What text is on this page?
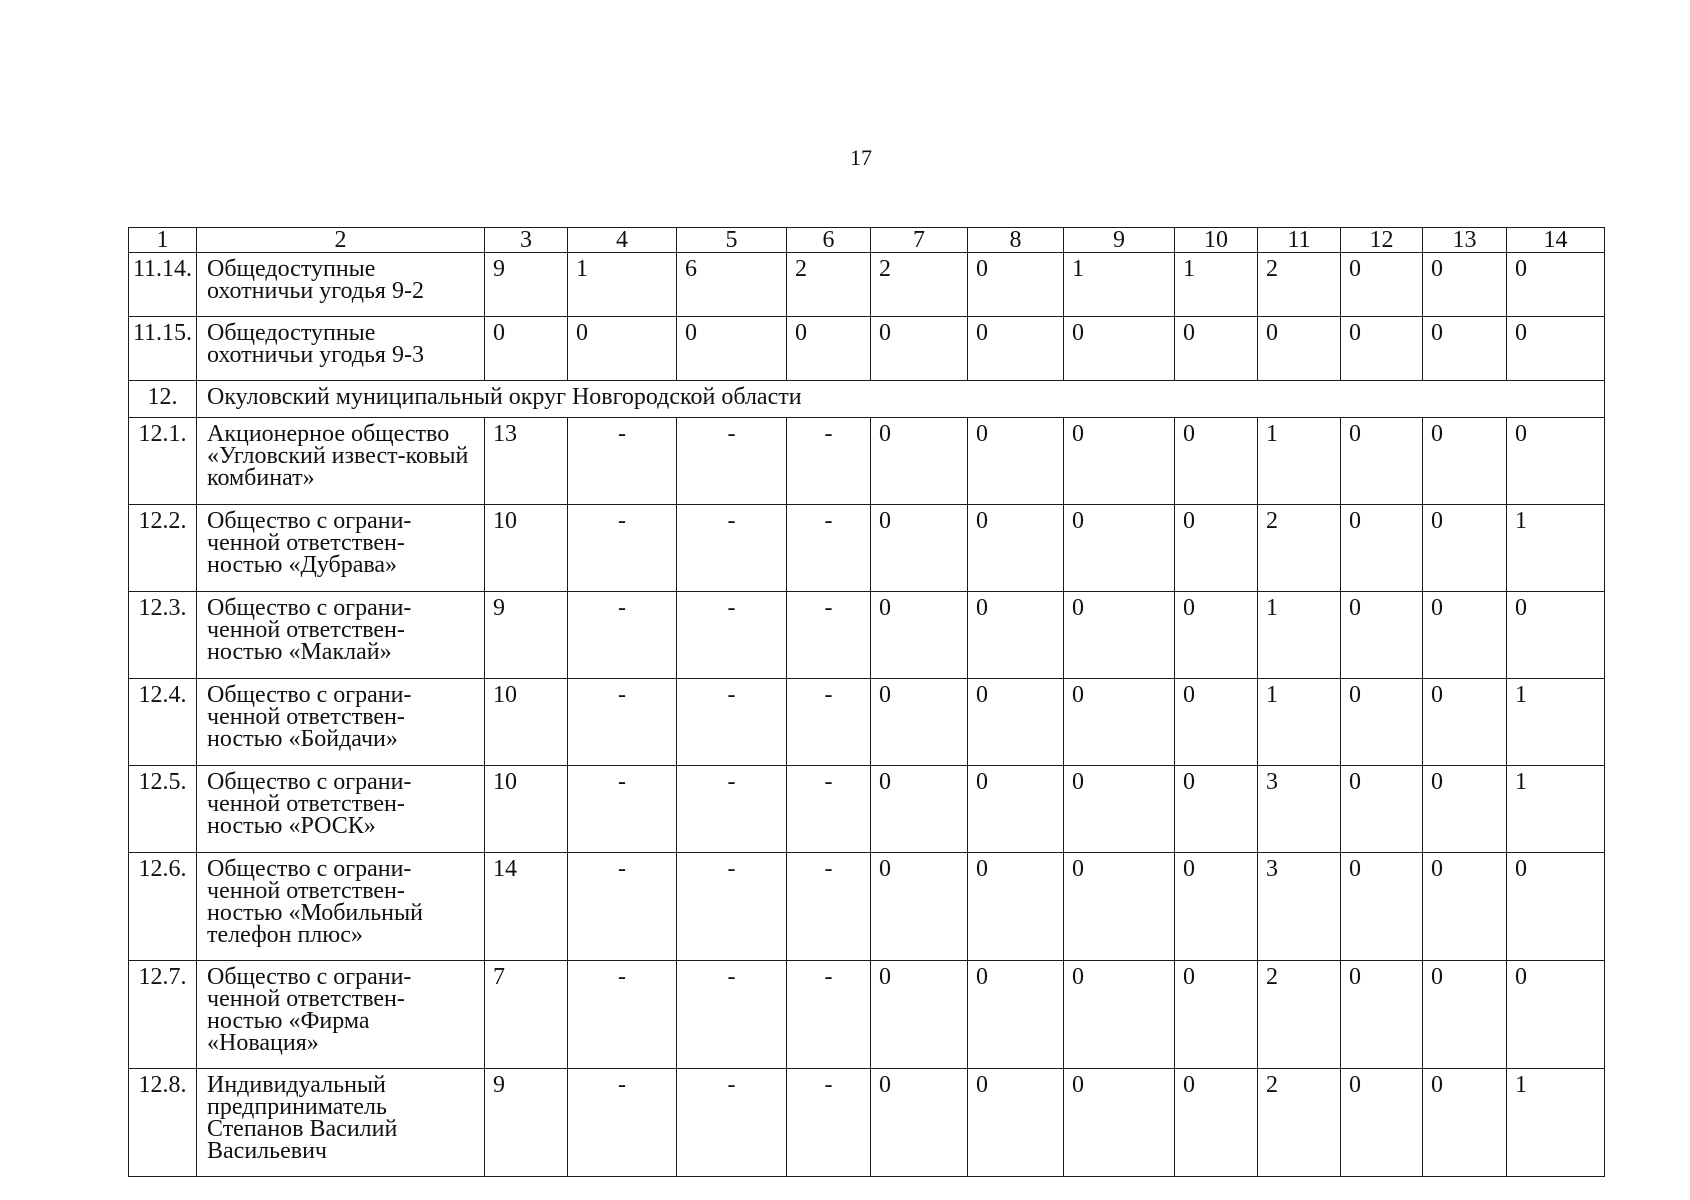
17
1	2	3	4	5	6	7	8	9	10	11	12	13	14
11.14.	Общедоступные охотничьи угодья 9-2	9	1	6	2	2	0	1	1	2	0	0	0
11.15.	Общедоступные охотничьи угодья 9-3	0	0	0	0	0	0	0	0	0	0	0	0
12.	Окуловский муниципальный округ Новгородской области												
12.1.	Акционерное общество «Угловский извест-ковый комбинат»	13	-	-	-	0	0	0	0	1	0	0	0
12.2.	Общество с ограни-ченной ответствен-ностью «Дубрава»	10	-	-	-	0	0	0	0	2	0	0	1
12.3.	Общество с ограни-ченной ответствен-ностью «Маклай»	9	-	-	-	0	0	0	0	1	0	0	0
12.4.	Общество с ограни-ченной ответствен-ностью «Бойдачи»	10	-	-	-	0	0	0	0	1	0	0	1
12.5.	Общество с ограни-ченной ответствен-ностью «РОСК»	10	-	-	-	0	0	0	0	3	0	0	1
12.6.	Общество с ограни-ченной ответствен-ностью «Мобильный телефон плюс»	14	-	-	-	0	0	0	0	3	0	0	0
12.7.	Общество с ограни-ченной ответствен-ностью «Фирма «Новация»	7	-	-	-	0	0	0	0	2	0	0	0
12.8.	Индивидуальный предприниматель Степанов Василий Васильевич	9	-	-	-	0	0	0	0	2	0	0	1
